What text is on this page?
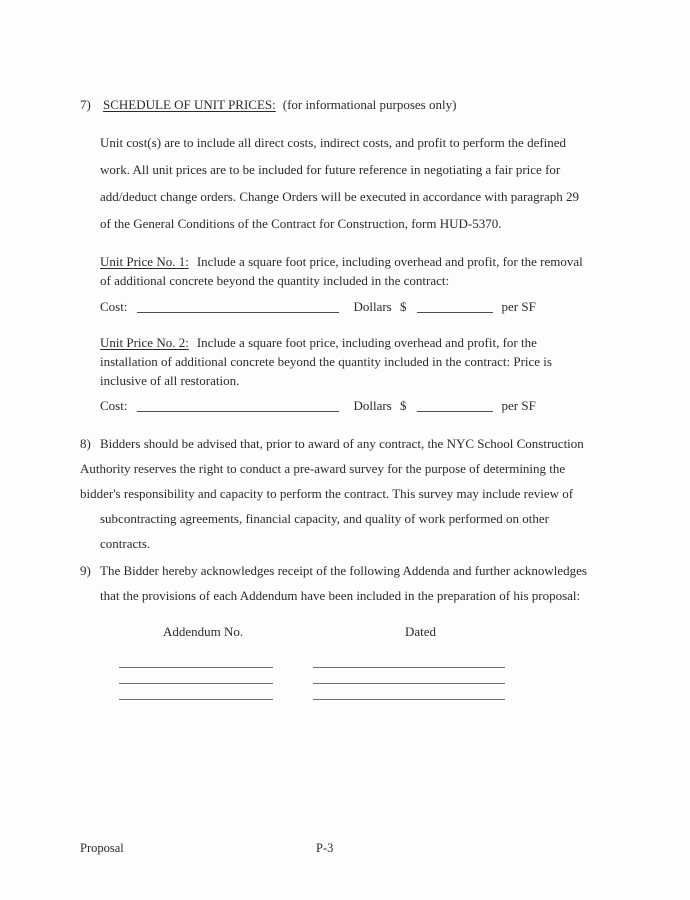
7) SCHEDULE OF UNIT PRICES: (for informational purposes only)
Unit cost(s) are to include all direct costs, indirect costs, and profit to perform the defined
work. All unit prices are to be included for future reference in negotiating a fair price for
add/deduct change orders. Change Orders will be executed in accordance with paragraph 29
of the General Conditions of the Contract for Construction, form HUD-5370.
Unit Price No. 1: Include a square foot price, including overhead and profit, for the removal
of additional concrete beyond the quantity included in the contract:
Cost:	Dollars $	per SF
Unit Price No. 2: Include a square foot price, including overhead and profit, for the
installation of additional concrete beyond the quantity included in the contract: Price is
inclusive of all restoration.
Cost:	Dollars $	per SF
8) Bidders should be advised that, prior to award of any contract, the NYC School Construction
Authority reserves the right to conduct a pre-award survey for the purpose of determining the
bidder's responsibility and capacity to perform the contract. This survey may include review of
subcontracting agreements, financial capacity, and quality of work performed on other
contracts.
9) The Bidder hereby acknowledges receipt of the following Addenda and further acknowledges
that the provisions of each Addendum have been included in the preparation of his proposal:
Addendum No.	Dated
Proposal	P-3
